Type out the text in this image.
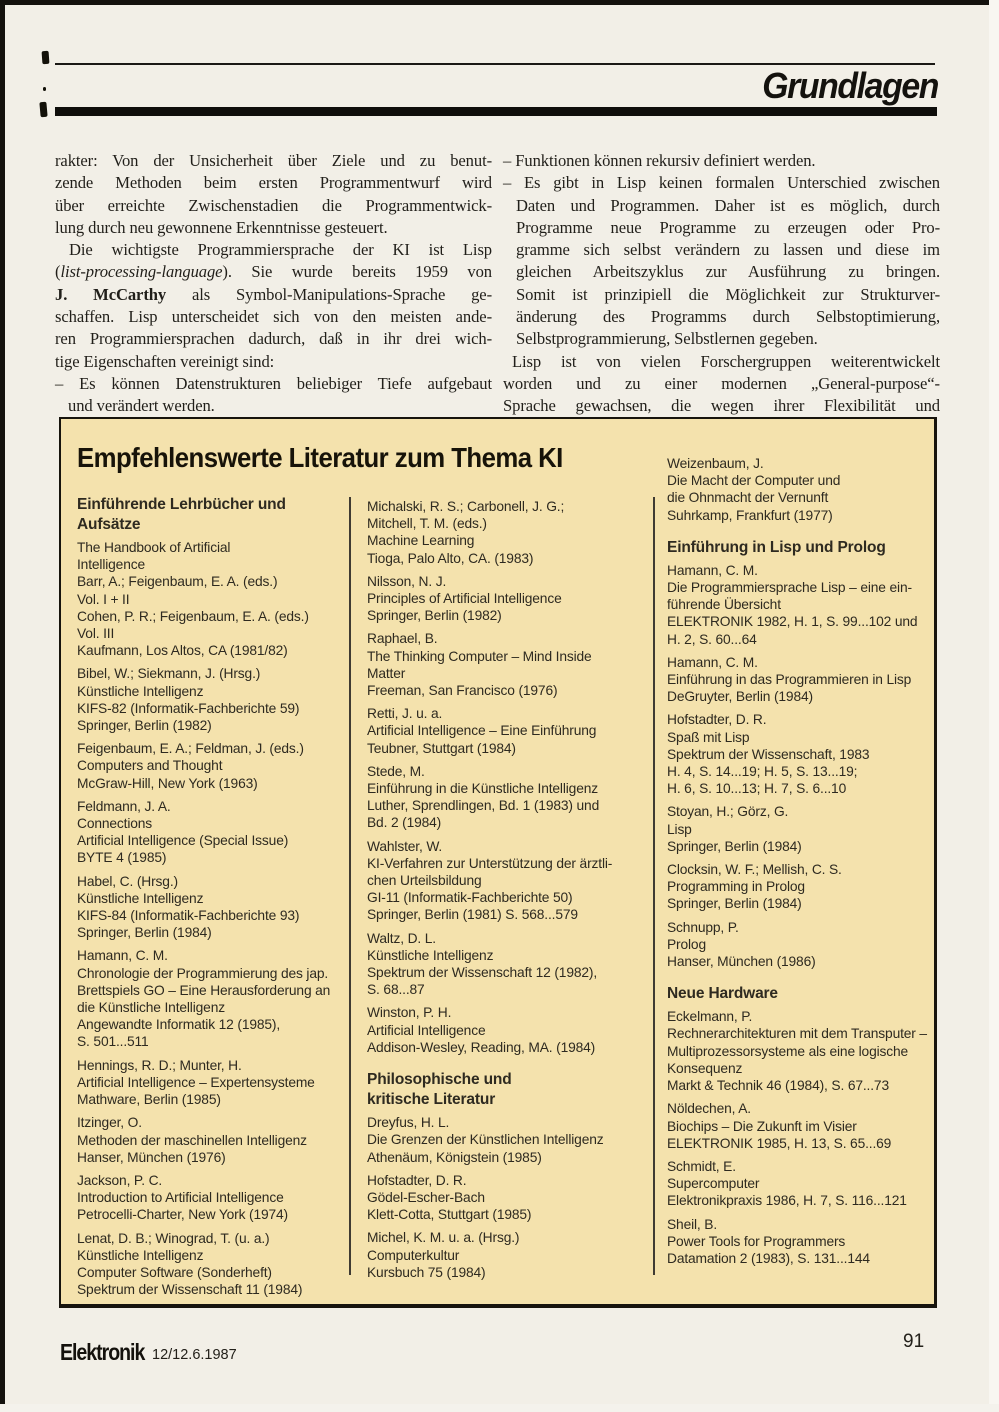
Grundlagen
rakter: Von der Unsicherheit über Ziele und zu benut-
zende Methoden beim ersten Programmentwurf wird
über erreichte Zwischenstadien die Programmentwick-
lung durch neu gewonnene Erkenntnisse gesteuert.
Die wichtigste Programmiersprache der KI ist Lisp
(list-processing-language). Sie wurde bereits 1959 von
J. McCarthy als Symbol-Manipulations-Sprache ge-
schaffen. Lisp unterscheidet sich von den meisten ande-
ren Programmiersprachen dadurch, daß in ihr drei wich-
tige Eigenschaften vereinigt sind:
– Es können Datenstrukturen beliebiger Tiefe aufgebaut
und verändert werden.
– Funktionen können rekursiv definiert werden.
– Es gibt in Lisp keinen formalen Unterschied zwischen
Daten und Programmen. Daher ist es möglich, durch
Programme neue Programme zu erzeugen oder Pro-
gramme sich selbst verändern zu lassen und diese im
gleichen Arbeitszyklus zur Ausführung zu bringen.
Somit ist prinzipiell die Möglichkeit zur Strukturver-
änderung des Programms durch Selbstoptimierung,
Selbstprogrammierung, Selbstlernen gegeben.
Lisp ist von vielen Forschergruppen weiterentwickelt
worden und zu einer modernen „General-purpose“-
Sprache gewachsen, die wegen ihrer Flexibilität und
Empfehlenswerte Literatur zum Thema KI
Einführende Lehrbücher und
Aufsätze
The Handbook of Artificial
Intelligence
Barr, A.; Feigenbaum, E. A. (eds.)
Vol. I + II
Cohen, P. R.; Feigenbaum, E. A. (eds.)
Vol. III
Kaufmann, Los Altos, CA (1981/82)
Bibel, W.; Siekmann, J. (Hrsg.)
Künstliche Intelligenz
KIFS-82 (Informatik-Fachberichte 59)
Springer, Berlin (1982)
Feigenbaum, E. A.; Feldman, J. (eds.)
Computers and Thought
McGraw-Hill, New York (1963)
Feldmann, J. A.
Connections
Artificial Intelligence (Special Issue)
BYTE 4 (1985)
Habel, C. (Hrsg.)
Künstliche Intelligenz
KIFS-84 (Informatik-Fachberichte 93)
Springer, Berlin (1984)
Hamann, C. M.
Chronologie der Programmierung des jap.
Brettspiels GO – Eine Herausforderung an
die Künstliche Intelligenz
Angewandte Informatik 12 (1985),
S. 501...511
Hennings, R. D.; Munter, H.
Artificial Intelligence – Expertensysteme
Mathware, Berlin (1985)
Itzinger, O.
Methoden der maschinellen Intelligenz
Hanser, München (1976)
Jackson, P. C.
Introduction to Artificial Intelligence
Petrocelli-Charter, New York (1974)
Lenat, D. B.; Winograd, T. (u. a.)
Künstliche Intelligenz
Computer Software (Sonderheft)
Spektrum der Wissenschaft 11 (1984)
Michalski, R. S.; Carbonell, J. G.;
Mitchell, T. M. (eds.)
Machine Learning
Tioga, Palo Alto, CA. (1983)
Nilsson, N. J.
Principles of Artificial Intelligence
Springer, Berlin (1982)
Raphael, B.
The Thinking Computer – Mind Inside
Matter
Freeman, San Francisco (1976)
Retti, J. u. a.
Artificial Intelligence – Eine Einführung
Teubner, Stuttgart (1984)
Stede, M.
Einführung in die Künstliche Intelligenz
Luther, Sprendlingen, Bd. 1 (1983) und
Bd. 2 (1984)
Wahlster, W.
KI-Verfahren zur Unterstützung der ärztli-
chen Urteilsbildung
GI-11 (Informatik-Fachberichte 50)
Springer, Berlin (1981) S. 568...579
Waltz, D. L.
Künstliche Intelligenz
Spektrum der Wissenschaft 12 (1982),
S. 68...87
Winston, P. H.
Artificial Intelligence
Addison-Wesley, Reading, MA. (1984)
Philosophische und
kritische Literatur
Dreyfus, H. L.
Die Grenzen der Künstlichen Intelligenz
Athenäum, Königstein (1985)
Hofstadter, D. R.
Gödel-Escher-Bach
Klett-Cotta, Stuttgart (1985)
Michel, K. M. u. a. (Hrsg.)
Computerkultur
Kursbuch 75 (1984)
Weizenbaum, J.
Die Macht der Computer und
die Ohnmacht der Vernunft
Suhrkamp, Frankfurt (1977)
Einführung in Lisp und Prolog
Hamann, C. M.
Die Programmiersprache Lisp – eine ein-
führende Übersicht
ELEKTRONIK 1982, H. 1, S. 99...102 und
H. 2, S. 60...64
Hamann, C. M.
Einführung in das Programmieren in Lisp
DeGruyter, Berlin (1984)
Hofstadter, D. R.
Spaß mit Lisp
Spektrum der Wissenschaft, 1983
H. 4, S. 14...19; H. 5, S. 13...19;
H. 6, S. 10...13; H. 7, S. 6...10
Stoyan, H.; Görz, G.
Lisp
Springer, Berlin (1984)
Clocksin, W. F.; Mellish, C. S.
Programming in Prolog
Springer, Berlin (1984)
Schnupp, P.
Prolog
Hanser, München (1986)
Neue Hardware
Eckelmann, P.
Rechnerarchitekturen mit dem Transputer –
Multiprozessorsysteme als eine logische
Konsequenz
Markt & Technik 46 (1984), S. 67...73
Nöldechen, A.
Biochips – Die Zukunft im Visier
ELEKTRONIK 1985, H. 13, S. 65...69
Schmidt, E.
Supercomputer
Elektronikpraxis 1986, H. 7, S. 116...121
Sheil, B.
Power Tools for Programmers
Datamation 2 (1983), S. 131...144
Elektronik 12/12.6.1987
91
